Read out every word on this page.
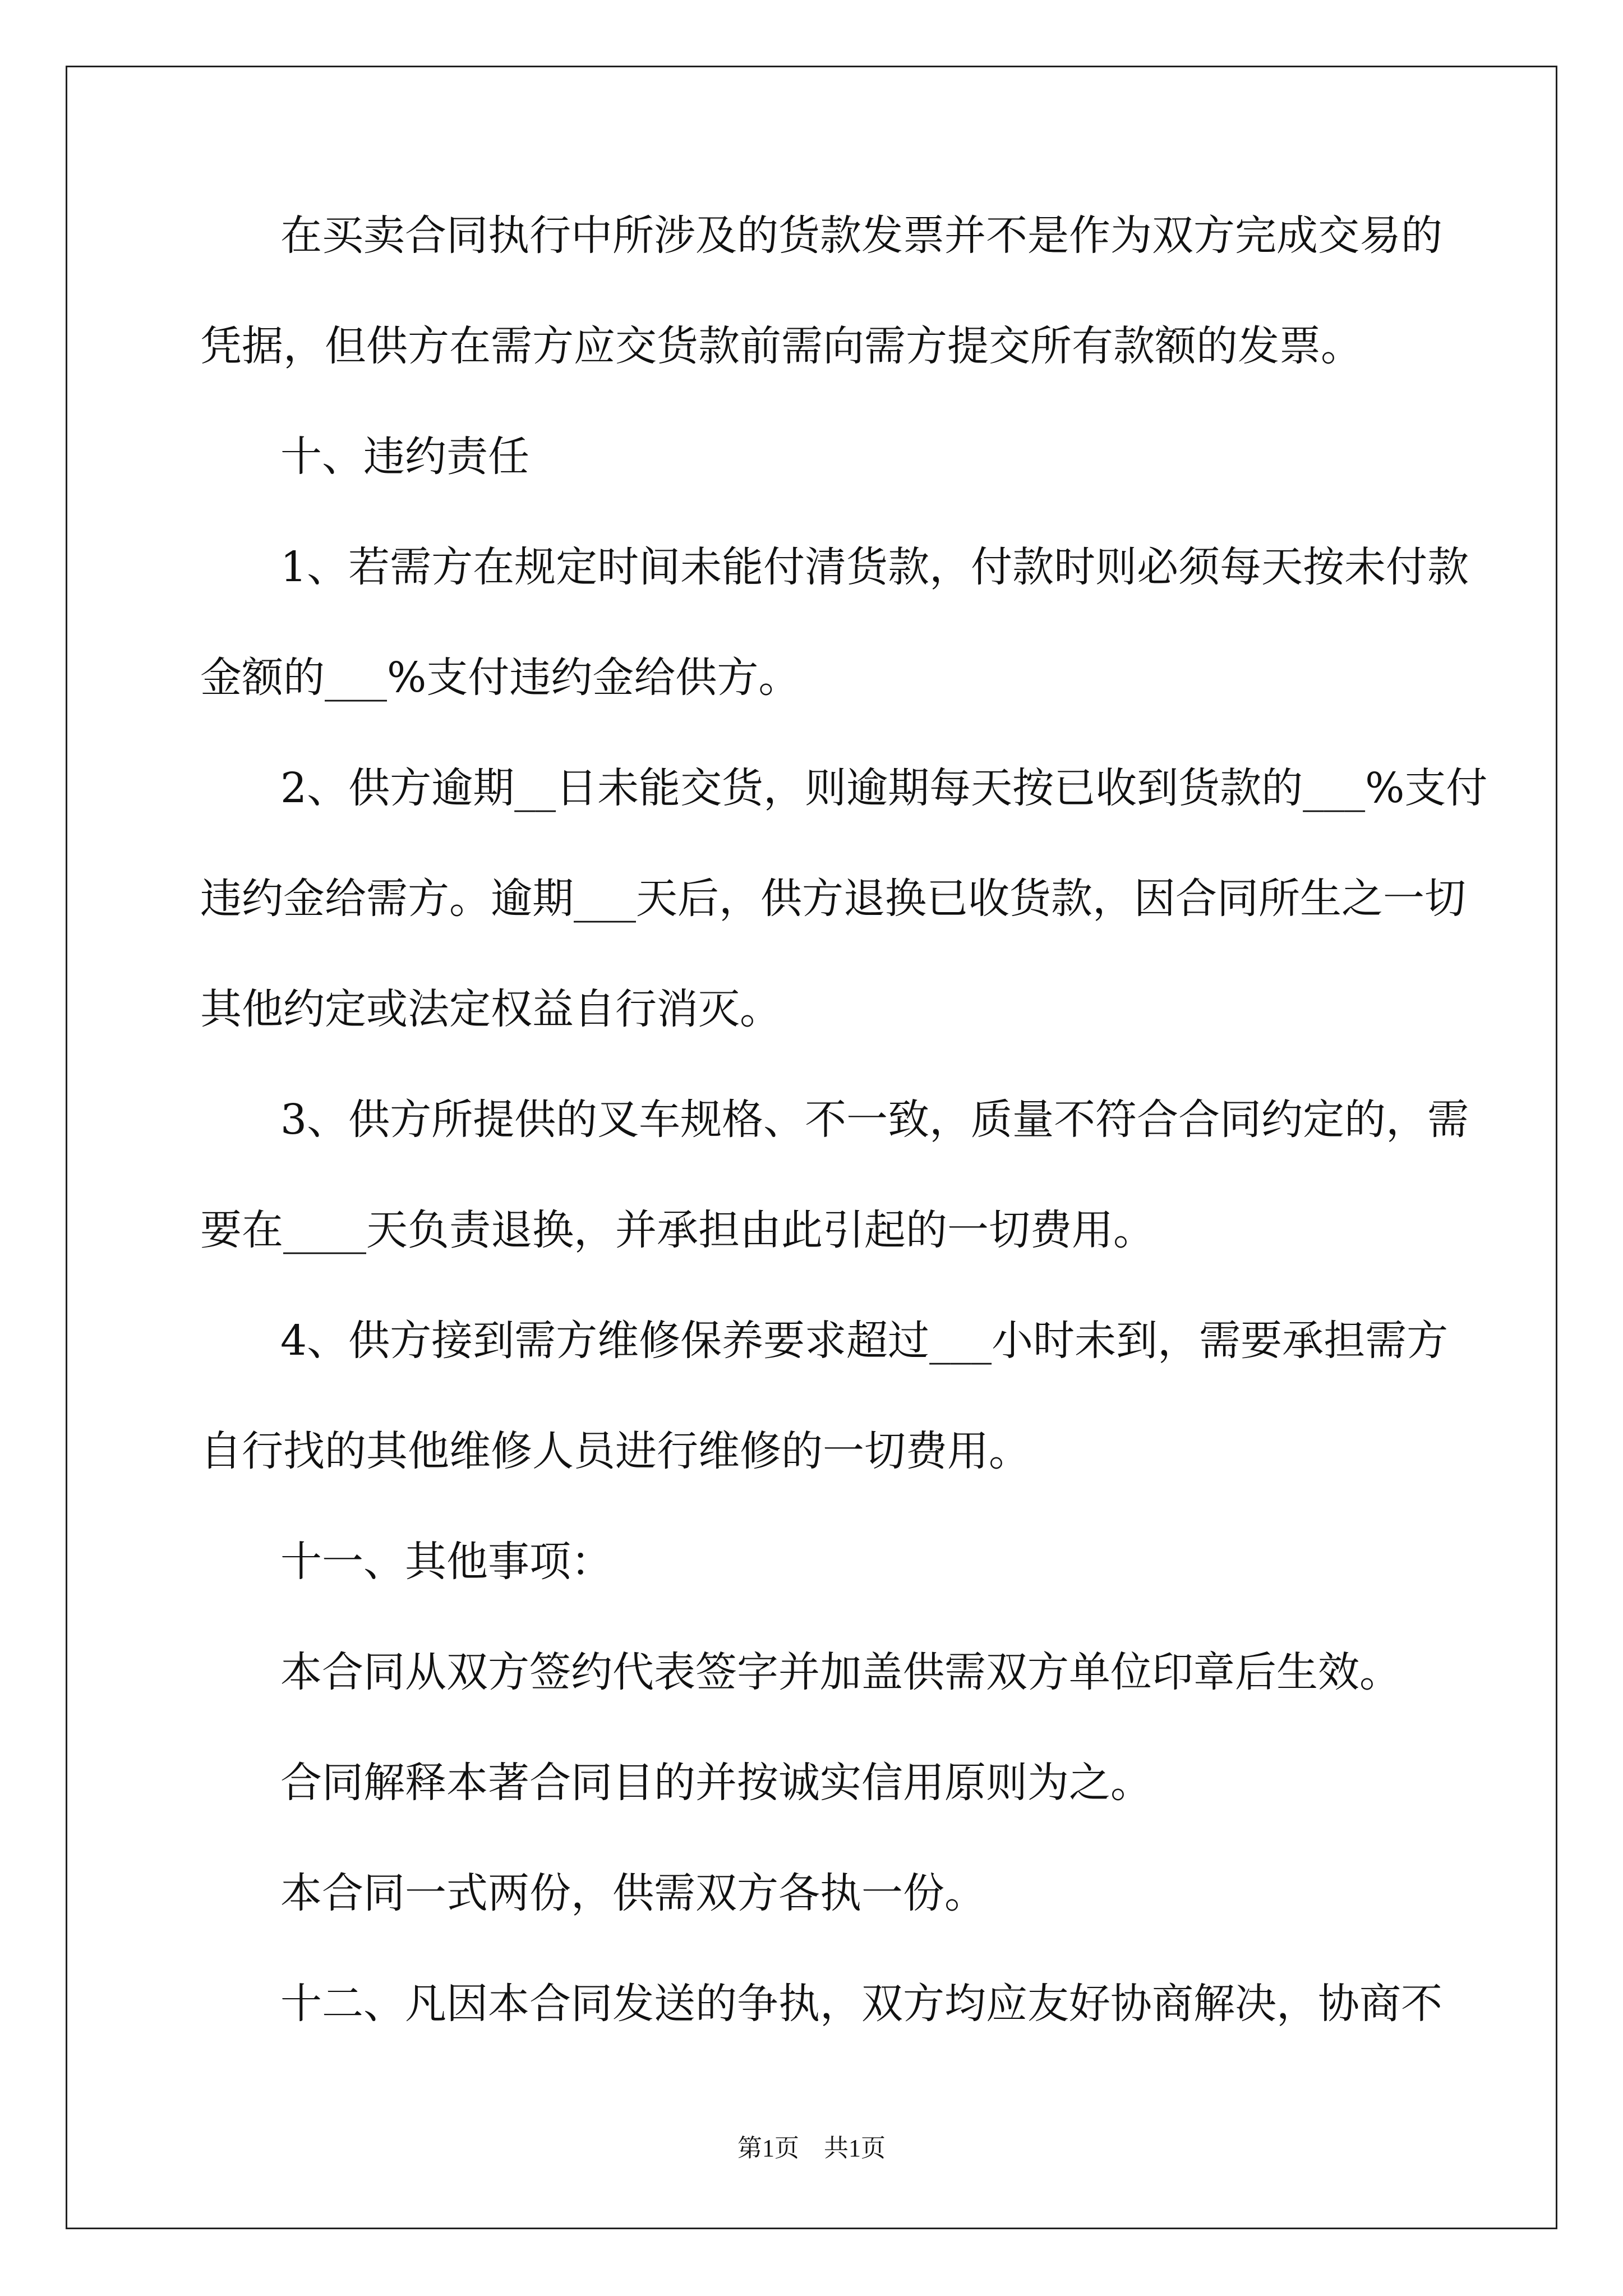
在买卖合同执行中所涉及的货款发票并不是作为双方完成交易的
凭据，但供方在需方应交货款前需向需方提交所有款额的发票。
十、违约责任
1、若需方在规定时间未能付清货款，付款时则必须每天按未付款
金额的___%支付违约金给供方。
2、供方逾期__日未能交货，则逾期每天按已收到货款的___%支付
违约金给需方。逾期___天后，供方退换已收货款，因合同所生之一切
其他约定或法定权益自行消灭。
3、供方所提供的叉车规格、不一致，质量不符合合同约定的，需
要在____天负责退换，并承担由此引起的一切费用。
4、供方接到需方维修保养要求超过___小时未到，需要承担需方
自行找的其他维修人员进行维修的一切费用。
十一、其他事项：
本合同从双方签约代表签字并加盖供需双方单位印章后生效。
合同解释本著合同目的并按诚实信用原则为之。
本合同一式两份，供需双方各执一份。
十二、凡因本合同发送的争执，双方均应友好协商解决，协商不
第1页　共1页
